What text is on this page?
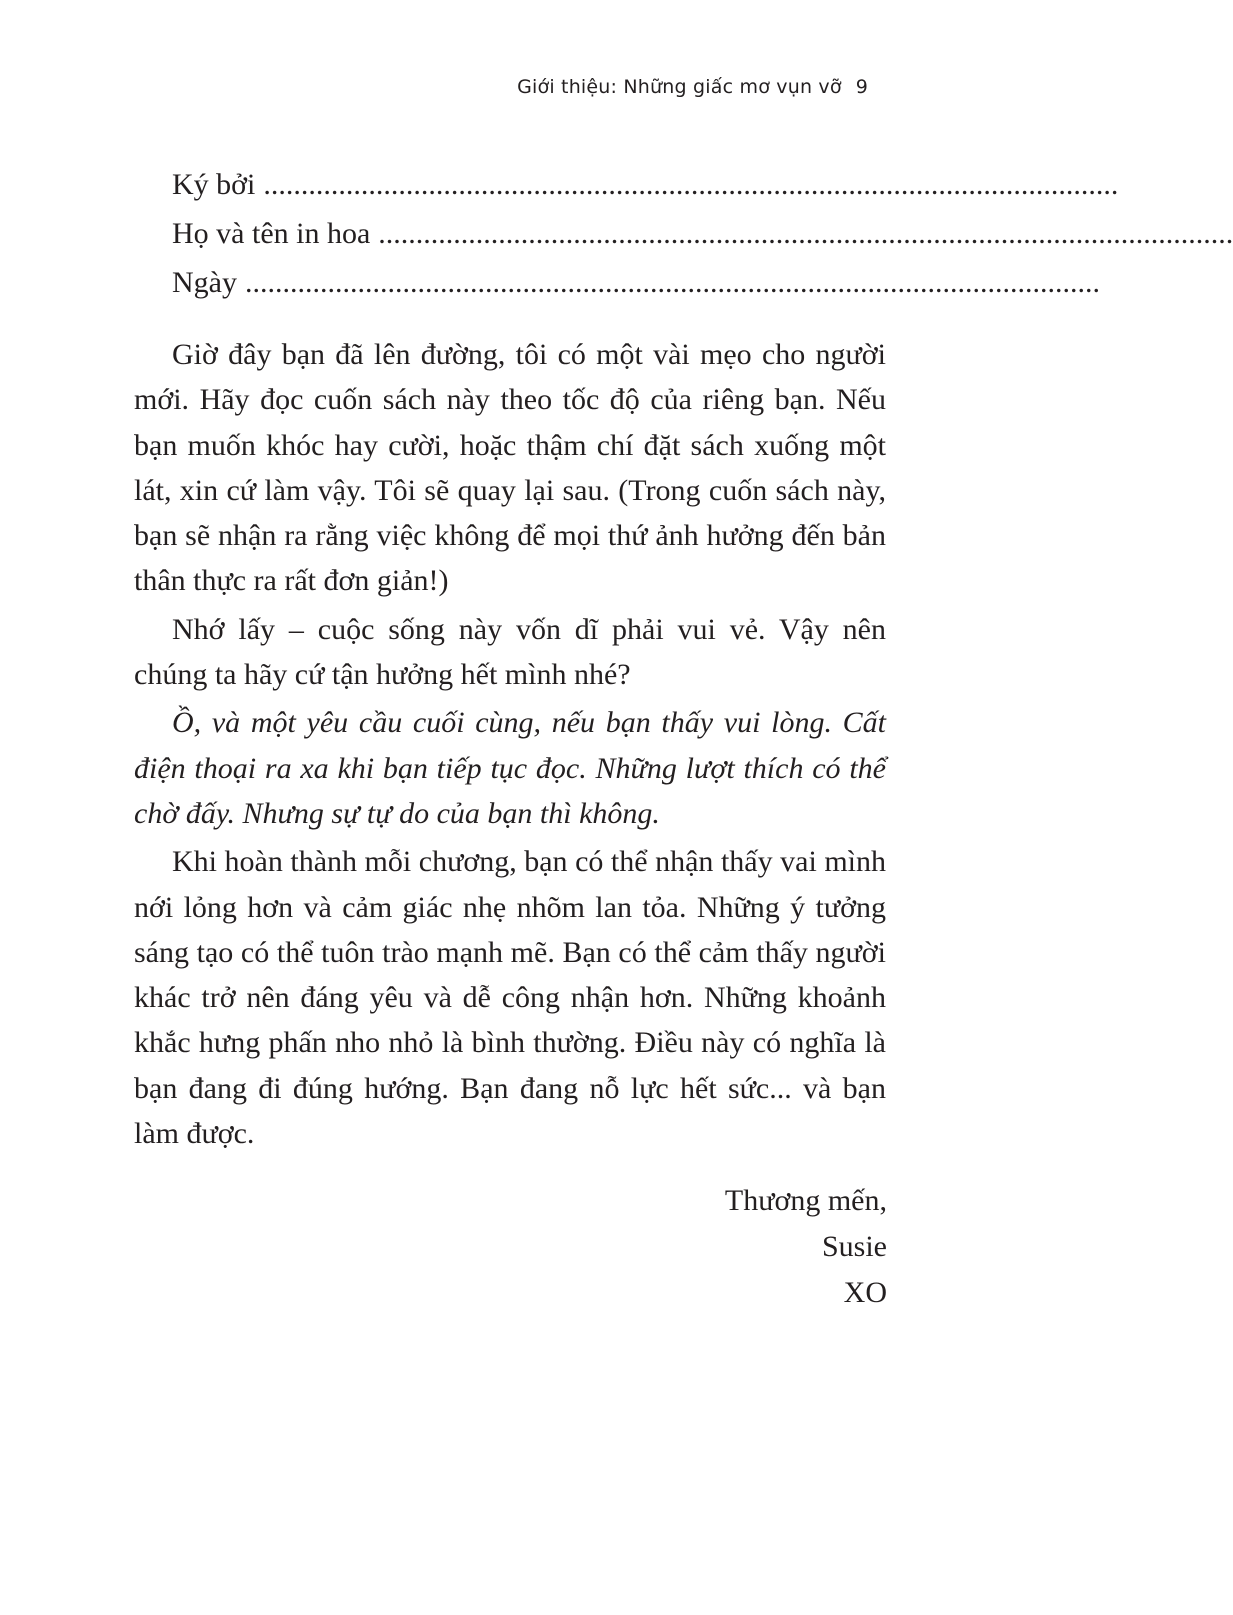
Giới thiệu: Những giấc mơ vụn vỡ 9
Ký bởi ..................................................................................................................
Họ và tên in hoa ..................................................................................................................
Ngày ..................................................................................................................

Giờ đây bạn đã lên đường, tôi có một vài mẹo cho người mới. Hãy đọc cuốn sách này theo tốc độ của riêng bạn. Nếu bạn muốn khóc hay cười, hoặc thậm chí đặt sách xuống một lát, xin cứ làm vậy. Tôi sẽ quay lại sau. (Trong cuốn sách này, bạn sẽ nhận ra rằng việc không để mọi thứ ảnh hưởng đến bản thân thực ra rất đơn giản!)

Nhớ lấy – cuộc sống này vốn dĩ phải vui vẻ. Vậy nên chúng ta hãy cứ tận hưởng hết mình nhé?

Ồ, và một yêu cầu cuối cùng, nếu bạn thấy vui lòng. Cất điện thoại ra xa khi bạn tiếp tục đọc. Những lượt thích có thể chờ đấy. Nhưng sự tự do của bạn thì không.

Khi hoàn thành mỗi chương, bạn có thể nhận thấy vai mình nới lỏng hơn và cảm giác nhẹ nhõm lan tỏa. Những ý tưởng sáng tạo có thể tuôn trào mạnh mẽ. Bạn có thể cảm thấy người khác trở nên đáng yêu và dễ công nhận hơn. Những khoảnh khắc hưng phấn nho nhỏ là bình thường. Điều này có nghĩa là bạn đang đi đúng hướng. Bạn đang nỗ lực hết sức... và bạn làm được.

Thương mến,
Susie
XO
